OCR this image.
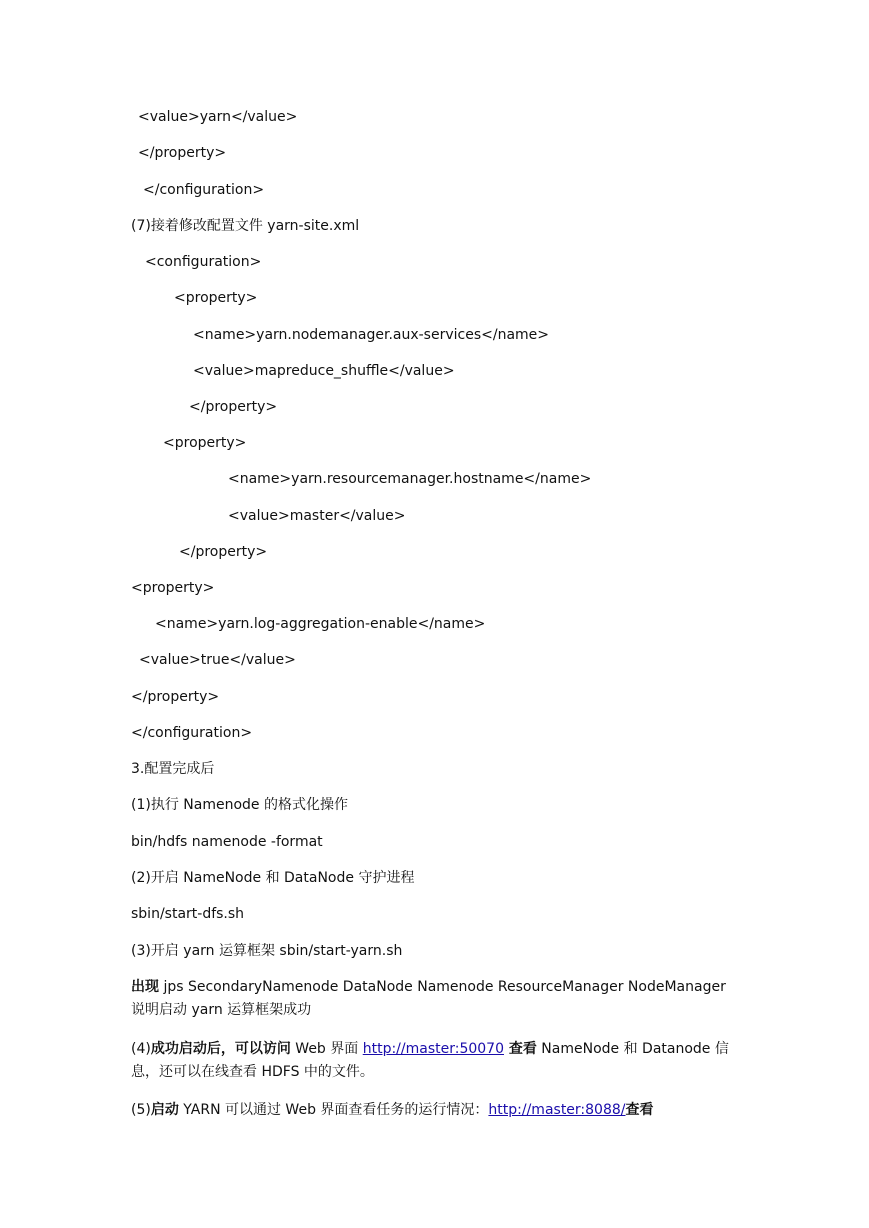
<value>yarn</value>
</property>
</configuration>
(7)接着修改配置文件 yarn-site.xml
<configuration>
<property>
<name>yarn.nodemanager.aux-services</name>
<value>mapreduce_shuffle</value>
</property>
<property>
<name>yarn.resourcemanager.hostname</name>
<value>master</value>
</property>
<property>
<name>yarn.log-aggregation-enable</name>
<value>true</value>
</property>
</configuration>
3.配置完成后
(1)执行 Namenode 的格式化操作
bin/hdfs namenode -format
(2)开启 NameNode 和 DataNode 守护进程
sbin/start-dfs.sh
(3)开启 yarn 运算框架 sbin/start-yarn.sh

出现 jps SecondaryNamenode DataNode Namenode ResourceManager NodeManager 说明启动 yarn 运算框架成功

(4)成功启动后，可以访问 Web 界面 http://master:50070 查看 NameNode 和 Datanode 信息，还可以在线查看 HDFS 中的文件。

(5)启动 YARN 可以通过 Web 界面查看任务的运行情况：http://master:8088/查看
